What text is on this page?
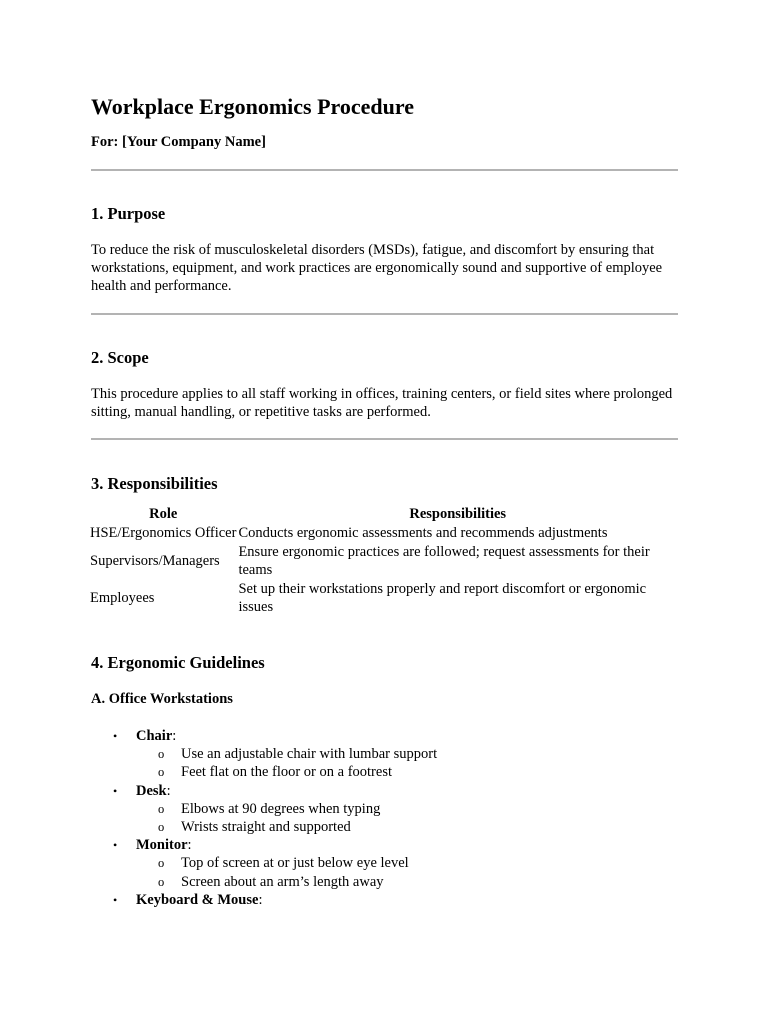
Workplace Ergonomics Procedure

For: [Your Company Name]

1. Purpose

To reduce the risk of musculoskeletal disorders (MSDs), fatigue, and discomfort by ensuring that workstations, equipment, and work practices are ergonomically sound and supportive of employee health and performance.

2. Scope

This procedure applies to all staff working in offices, training centers, or field sites where prolonged sitting, manual handling, or repetitive tasks are performed.

3. Responsibilities
Role	Responsibilities
HSE/Ergonomics Officer	Conducts ergonomic assessments and recommends adjustments
Supervisors/Managers	Ensure ergonomic practices are followed; request assessments for their teams
Employees	Set up their workstations properly and report discomfort or ergonomic issues
4. Ergonomic Guidelines
A. Office Workstations
• Chair:
o Use an adjustable chair with lumbar support
o Feet flat on the floor or on a footrest
• Desk:
o Elbows at 90 degrees when typing
o Wrists straight and supported
• Monitor:
o Top of screen at or just below eye level
o Screen about an arm’s length away
• Keyboard & Mouse:
